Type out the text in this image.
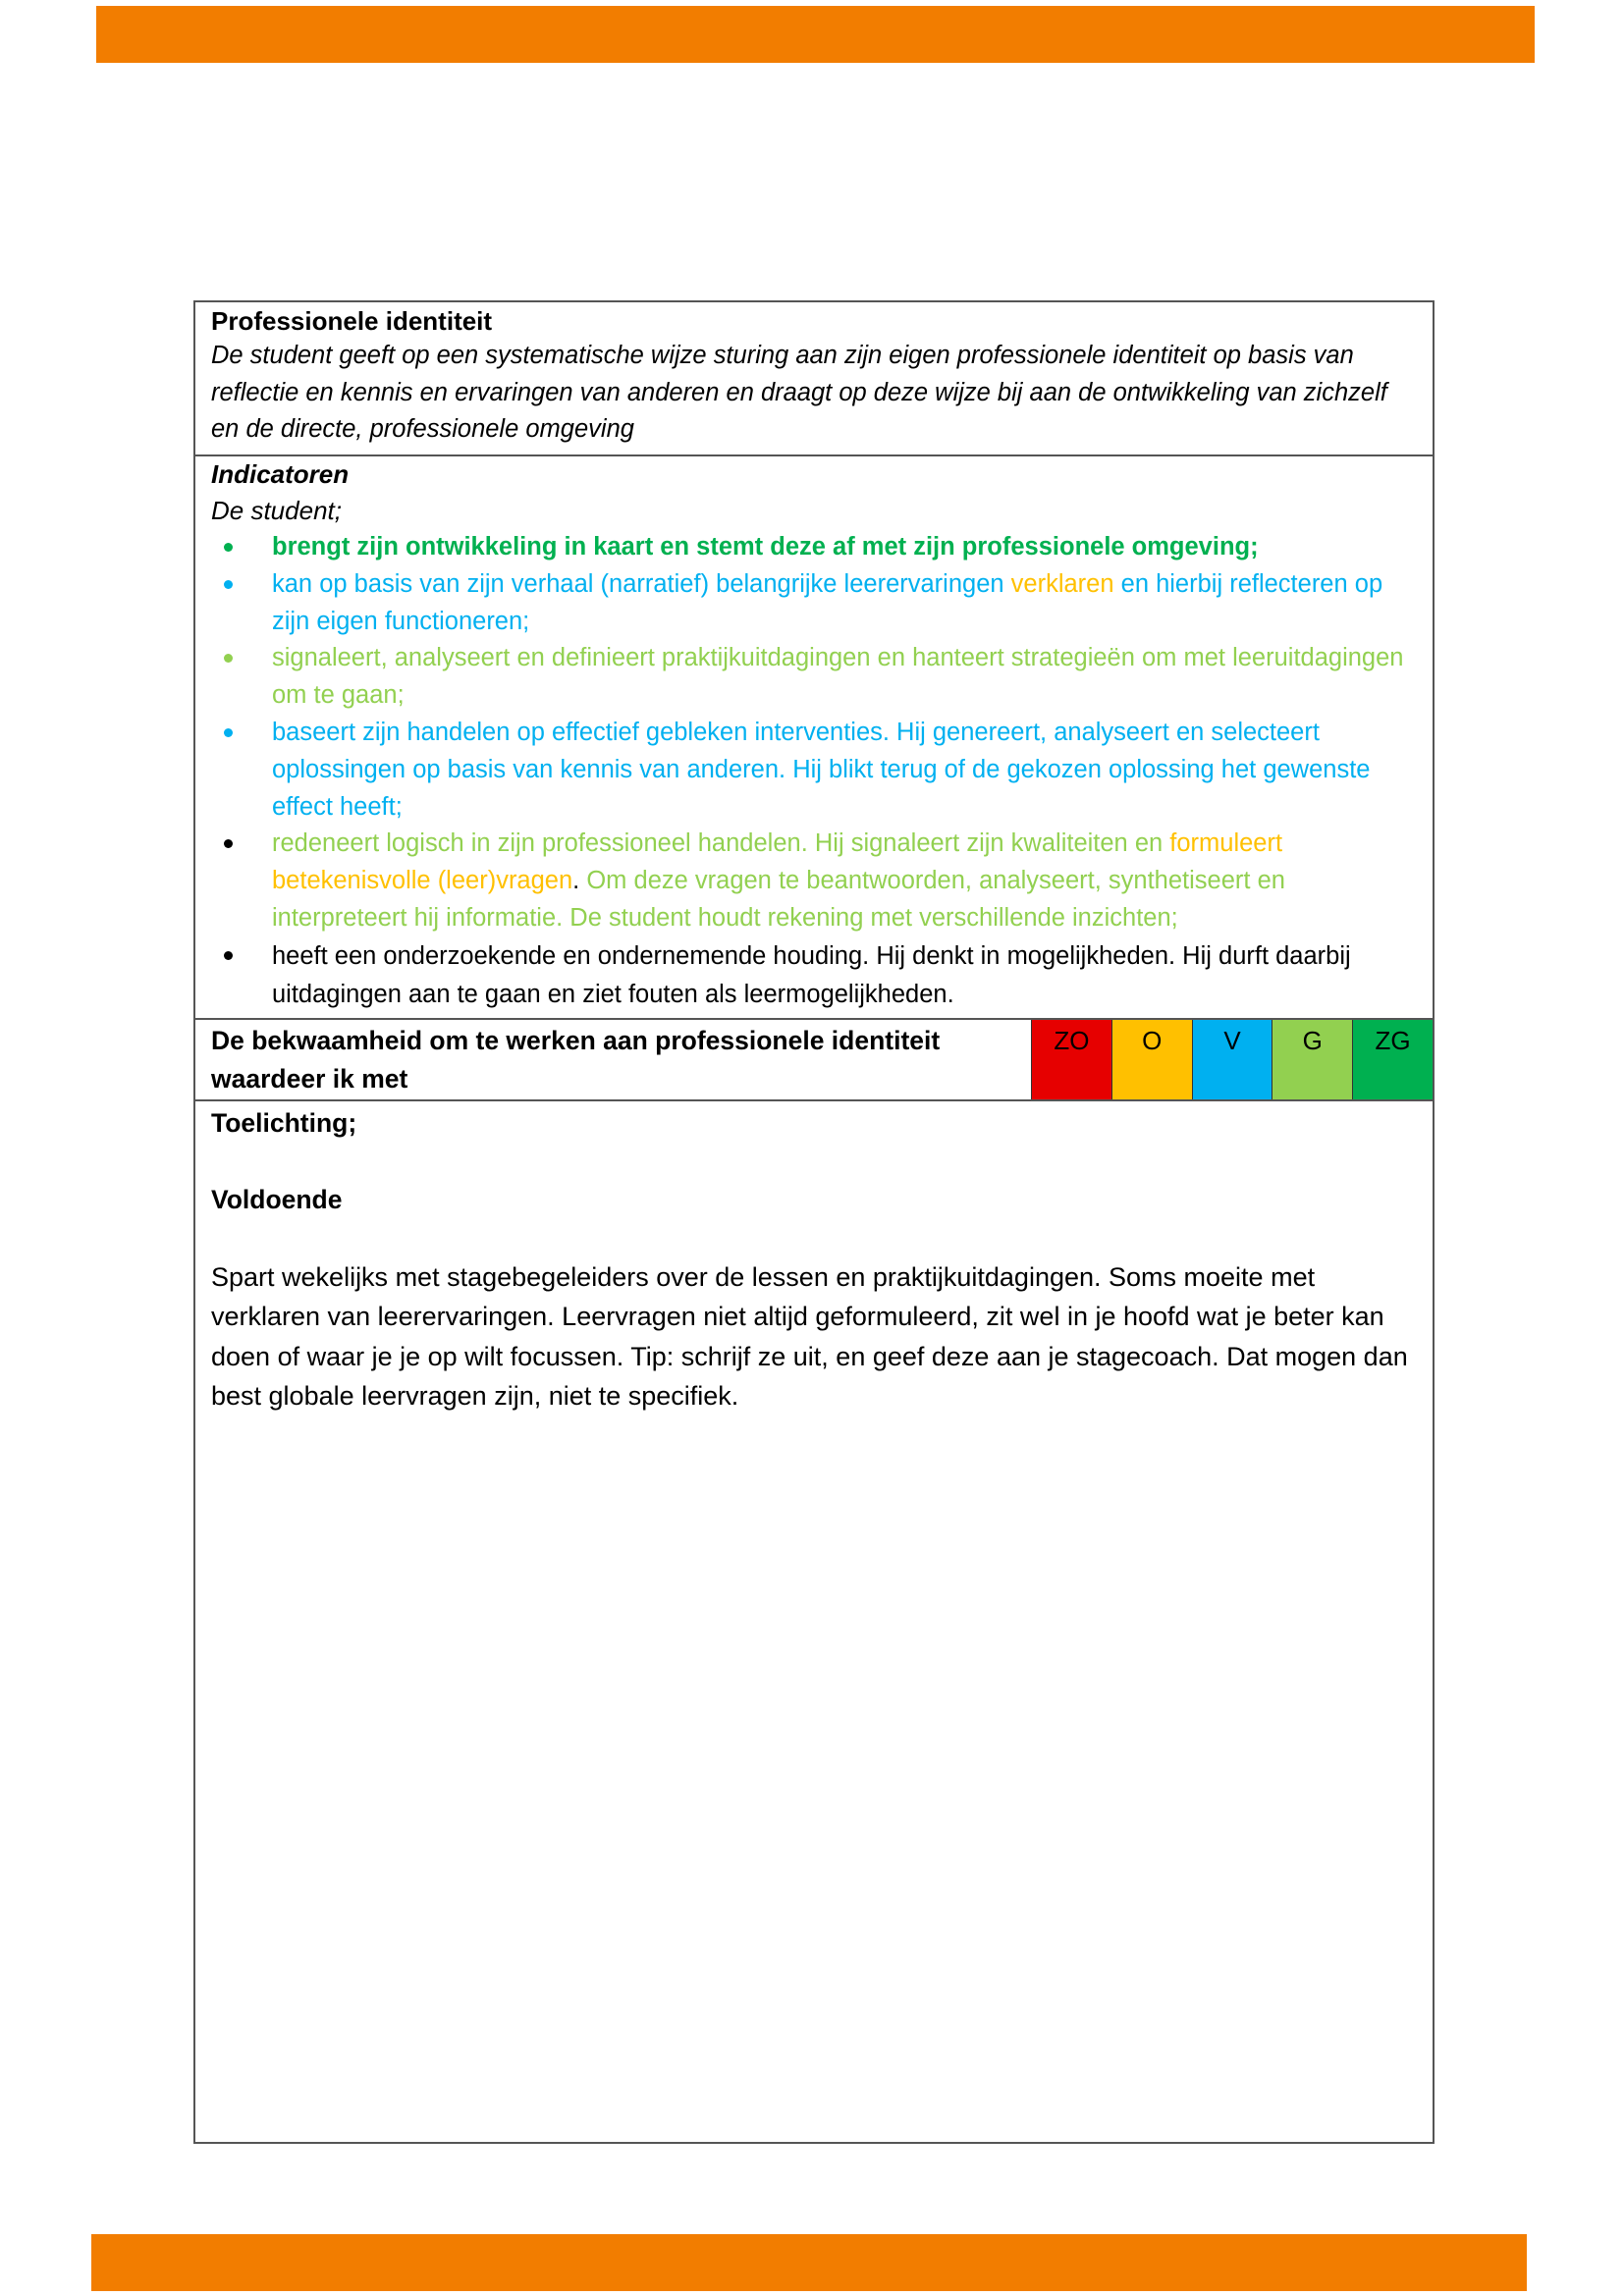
Professionele identiteit
De student geeft op een systematische wijze sturing aan zijn eigen professionele identiteit op basis van reflectie en kennis en ervaringen van anderen en draagt op deze wijze bij aan de ontwikkeling van zichzelf en de directe, professionele omgeving
Indicatoren
De student;
brengt zijn ontwikkeling in kaart en stemt deze af met zijn professionele omgeving;
kan op basis van zijn verhaal (narratief) belangrijke leerervaringen verklaren en hierbij reflecteren op zijn eigen functioneren;
signaleert, analyseert en definieert praktijkuitdagingen en hanteert strategieën om met leeruitdagingen om te gaan;
baseert zijn handelen op effectief gebleken interventies. Hij genereert, analyseert en selecteert oplossingen op basis van kennis van anderen. Hij blikt terug of de gekozen oplossing het gewenste effect heeft;
redeneert logisch in zijn professioneel handelen. Hij signaleert zijn kwaliteiten en formuleert betekenisvolle (leer)vragen. Om deze vragen te beantwoorden, analyseert, synthetiseert en interpreteert hij informatie. De student houdt rekening met verschillende inzichten;
heeft een onderzoekende en ondernemende houding. Hij denkt in mogelijkheden. Hij durft daarbij uitdagingen aan te gaan en ziet fouten als leermogelijkheden.
De bekwaamheid om te werken aan professionele identiteit waardeer ik met
ZO	O	V	G	ZG
Toelichting;
Voldoende
Spart wekelijks met stagebegeleiders over de lessen en praktijkuitdagingen. Soms moeite met verklaren van leerervaringen. Leervragen niet altijd geformuleerd, zit wel in je hoofd wat je beter kan doen of waar je je op wilt focussen. Tip: schrijf ze uit, en geef deze aan je stagecoach. Dat mogen dan best globale leervragen zijn, niet te specifiek.
